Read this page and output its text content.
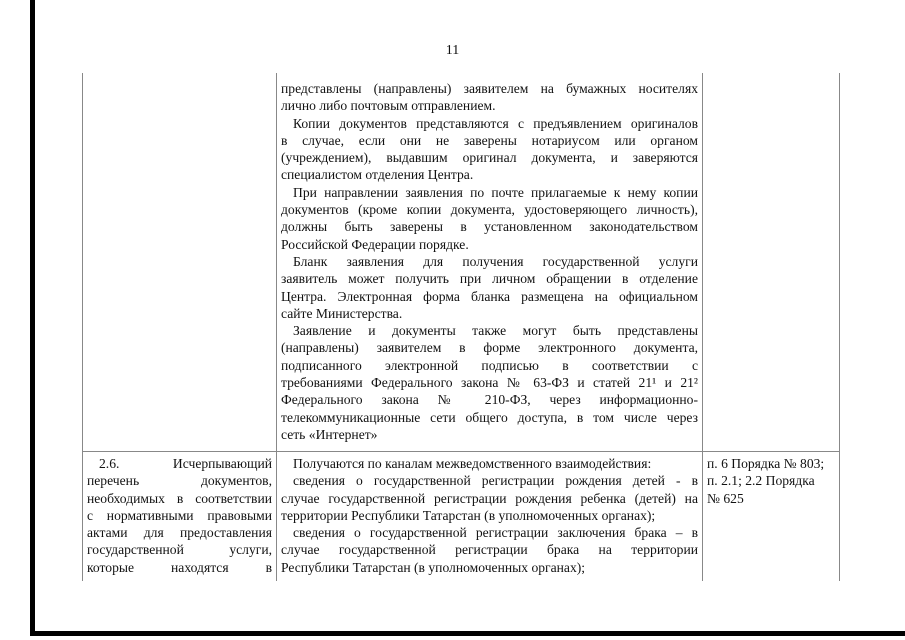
11
представлены (направлены) заявителем на бумажных носителях
лично либо почтовым отправлением.
Копии документов представляются с предъявлением оригиналов
в случае, если они не заверены нотариусом или органом
(учреждением), выдавшим оригинал документа, и заверяются
специалистом отделения Центра.
При направлении заявления по почте прилагаемые к нему копии
документов (кроме копии документа, удостоверяющего личность),
должны быть заверены в установленном законодательством
Российской Федерации порядке.
Бланк заявления для получения государственной услуги
заявитель может получить при личном обращении в отделение
Центра. Электронная форма бланка размещена на официальном
сайте Министерства.
Заявление и документы также могут быть представлены
(направлены) заявителем в форме электронного документа,
подписанного электронной подписью в соответствии с
требованиями Федерального закона № 63-ФЗ и статей 21¹ и 21²
Федерального закона № 210-ФЗ, через информационно-
телекоммуникационные сети общего доступа, в том числе через
сеть «Интернет»
2.6. Исчерпывающий
перечень документов,
необходимых в соответствии
с нормативными правовыми
актами для предоставления
государственной услуги,
которые находятся в
Получаются по каналам межведомственного взаимодействия:
сведения о государственной регистрации рождения детей - в
случае государственной регистрации рождения ребенка (детей) на
территории Республики Татарстан (в уполномоченных органах);
сведения о государственной регистрации заключения брака – в
случае государственной регистрации брака на территории
Республики Татарстан (в уполномоченных органах);
п. 6 Порядка № 803;
п. 2.1; 2.2 Порядка
№ 625
